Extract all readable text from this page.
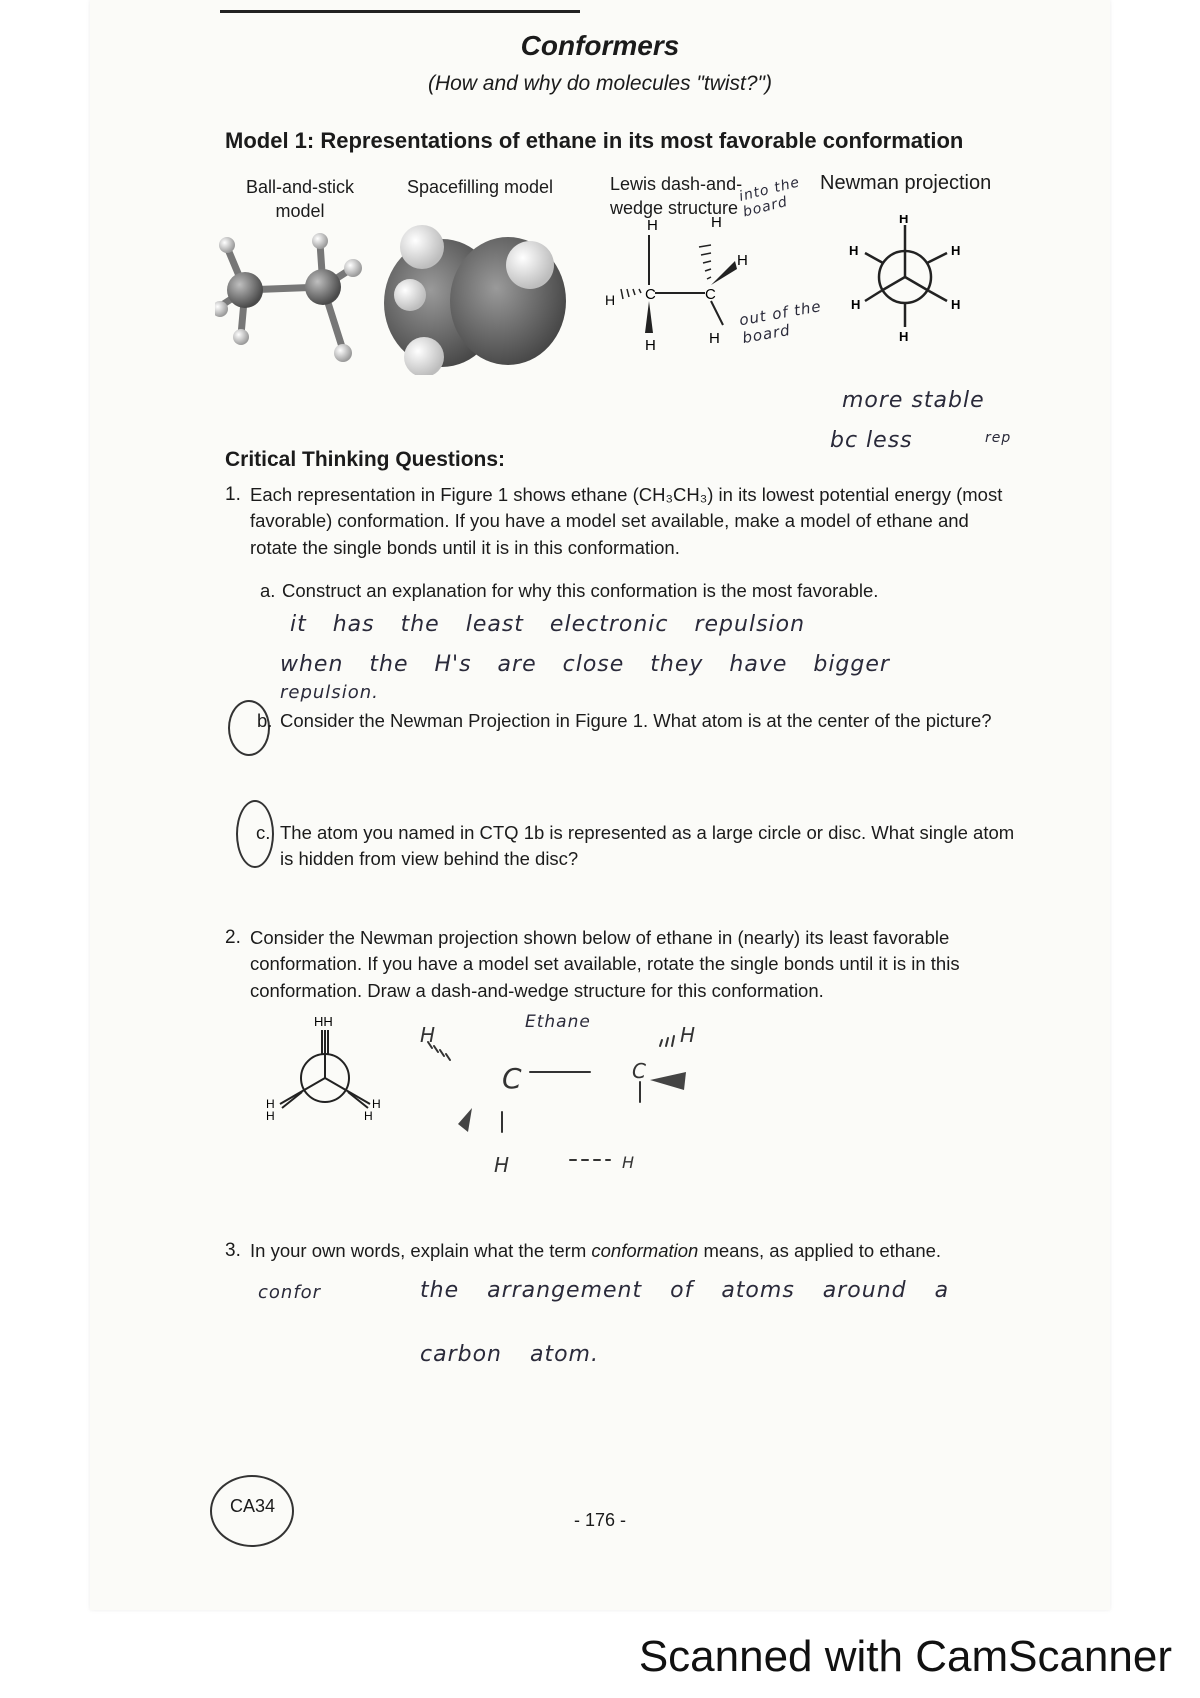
Conformers
(How and why do molecules "twist?")
Model 1: Representations of ethane in its most favorable conformation
Ball-and-stick model
Spacefilling model	Lewis dash-and-wedge structure
Newman projection
H
C	C
H
H
H
H
H
into the board
out of the board
H
H	H
H	H
H
more stable
bc less	rep
Critical Thinking Questions:
1. Each representation in Figure 1 shows ethane (CH₃CH₃) in its lowest potential energy (most favorable) conformation. If you have a model set available, make a model of ethane and rotate the single bonds until it is in this conformation.
a. Construct an explanation for why this conformation is the most favorable.
it has the least electronic repulsion
when the H's are close they have bigger
repulsion.
b. Consider the Newman Projection in Figure 1. What atom is at the center of the picture?
c. The atom you named in CTQ 1b is represented as a large circle or disc. What single atom is hidden from view behind the disc?
2. Consider the Newman projection shown below of ethane in (nearly) its least favorable conformation. If you have a model set available, rotate the single bonds until it is in this conformation. Draw a dash-and-wedge structure for this conformation.
HH
H
H
H
H
H	H
C	C
H	H
Ethane
3. In your own words, explain what the term conformation means, as applied to ethane.
confor	the arrangement of atoms around a
carbon atom.
CA34
- 176 -
Scanned with CamScanner
